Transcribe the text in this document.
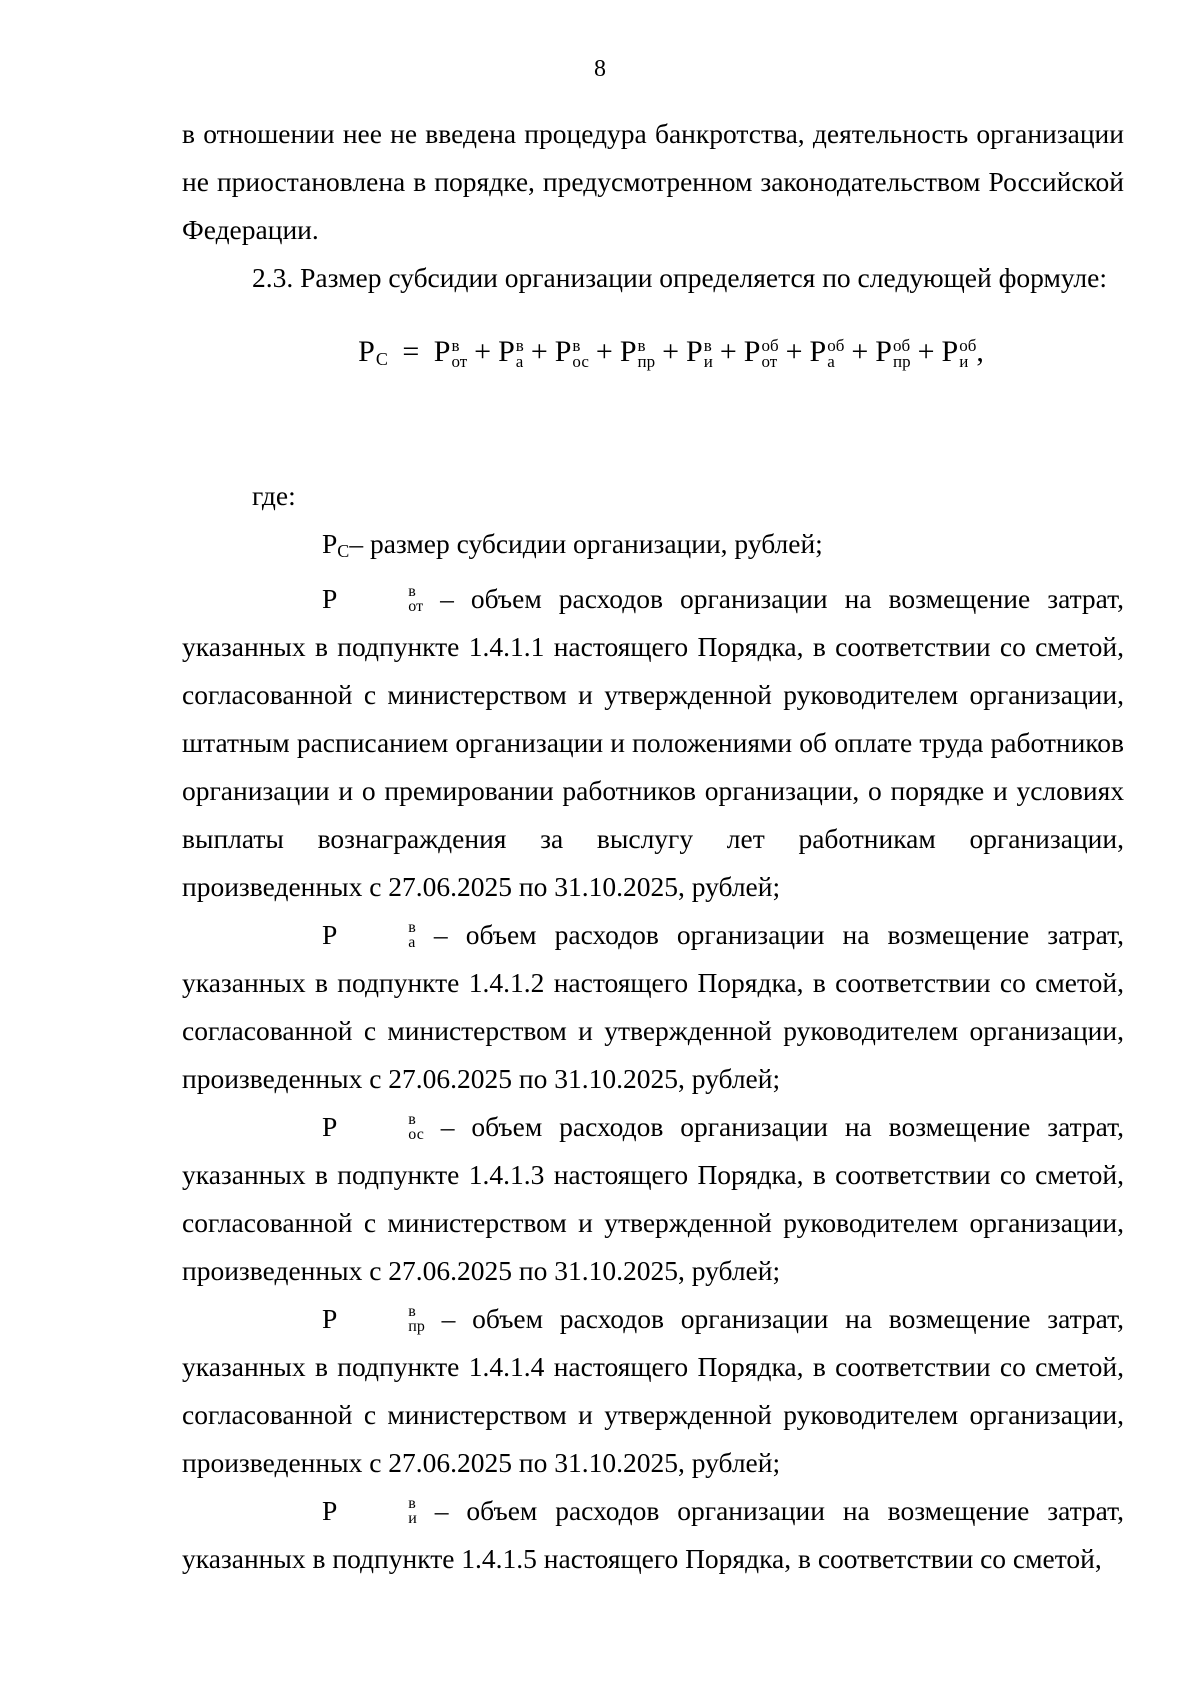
8

в отношении нее не введена процедура банкротства, деятельность организации не приостановлена в порядке, предусмотренном законодательством Российской Федерации.

2.3. Размер субсидии организации определяется по следующей формуле:

РС = Р в
от + Р в
а + Р в
ос + Р в
пр + Р в
и + Р об
от + Р об
а + Р об
пр + Р об
и ,

где:

РС– размер субсидии организации, рублей;

Р	в
от – объем расходов организации на возмещение затрат, указанных в подпункте 1.4.1.1 настоящего Порядка, в соответствии со сметой, согласованной с министерством и утвержденной руководителем организации, штатным расписанием организации и положениями об оплате труда работников организации и о премировании работников организации, о порядке и условиях выплаты вознаграждения за выслугу лет работникам организации, произведенных с 27.06.2025 по 31.10.2025, рублей;

Р	в
а – объем расходов организации на возмещение затрат, указанных в подпункте 1.4.1.2 настоящего Порядка, в соответствии со сметой, согласованной с министерством и утвержденной руководителем организации, произведенных с 27.06.2025 по 31.10.2025, рублей;

Р	в
ос – объем расходов организации на возмещение затрат, указанных в подпункте 1.4.1.3 настоящего Порядка, в соответствии со сметой, согласованной с министерством и утвержденной руководителем организации, произведенных с 27.06.2025 по 31.10.2025, рублей;

Р	в
пр – объем расходов организации на возмещение затрат, указанных в подпункте 1.4.1.4 настоящего Порядка, в соответствии со сметой, согласованной с министерством и утвержденной руководителем организации, произведенных с 27.06.2025 по 31.10.2025, рублей;

Р	в
и – объем расходов организации на возмещение затрат, указанных в подпункте 1.4.1.5 настоящего Порядка, в соответствии со сметой,
